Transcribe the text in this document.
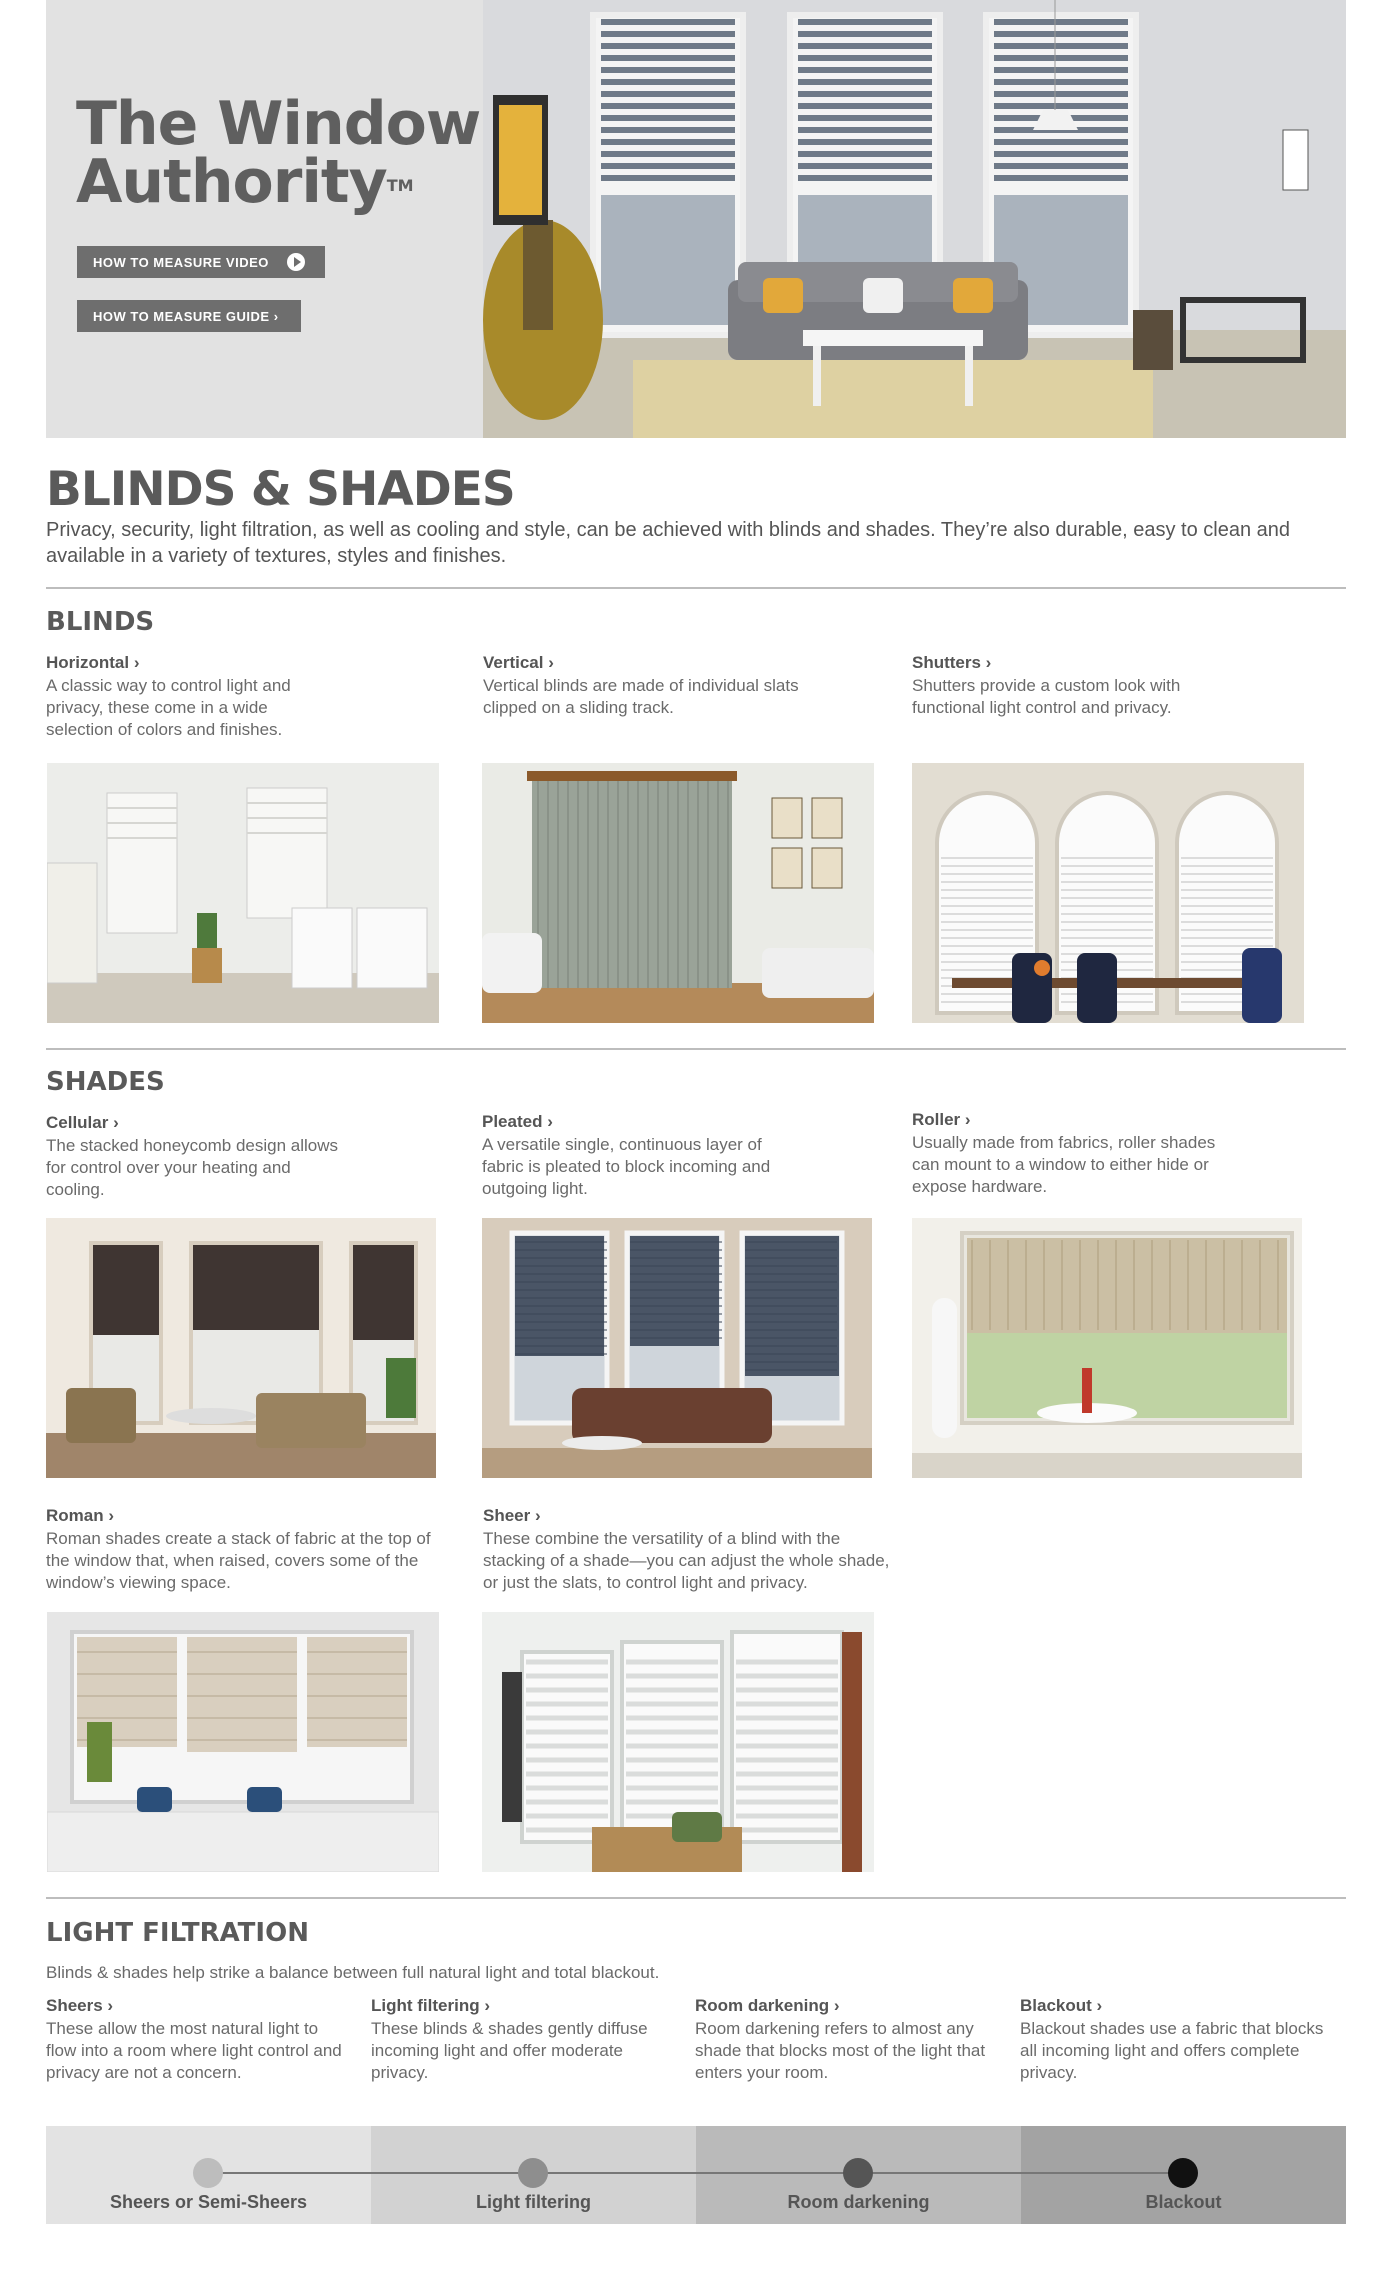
The Window
Authority™
HOW TO MEASURE VIDEO
HOW TO MEASURE GUIDE ›
BLINDS & SHADES
Privacy, security, light filtration, as well as cooling and style, can be achieved with blinds and shades. They’re also durable, easy to clean and available in a variety of textures, styles and finishes.
BLINDS
Horizontal ›
A classic way to control light and privacy, these come in a wide selection of colors and finishes.
Vertical ›
Vertical blinds are made of individual slats clipped on a sliding track.
Shutters ›
Shutters provide a custom look with functional light control and privacy.
SHADES
Cellular ›
The stacked honeycomb design allows for control over your heating and cooling.
Pleated ›
A versatile single, continuous layer of fabric is pleated to block incoming and outgoing light.
Roller ›
Usually made from fabrics, roller shades can mount to a window to either hide or expose hardware.
Roman ›
Roman shades create a stack of fabric at the top of the window that, when raised, covers some of the window’s viewing space.
Sheer ›
These combine the versatility of a blind with the stacking of a shade—you can adjust the whole shade, or just the slats, to control light and privacy.
LIGHT FILTRATION
Blinds & shades help strike a balance between full natural light and total blackout.
Sheers ›
These allow the most natural light to flow into a room where light control and privacy are not a concern.
Light filtering ›
These blinds & shades gently diffuse incoming light and offer moderate privacy.
Room darkening ›
Room darkening refers to almost any shade that blocks most of the light that enters your room.
Blackout ›
Blackout shades use a fabric that blocks all incoming light and offers complete privacy.
Sheers or Semi-Sheers	Light filtering	Room darkening	Blackout
